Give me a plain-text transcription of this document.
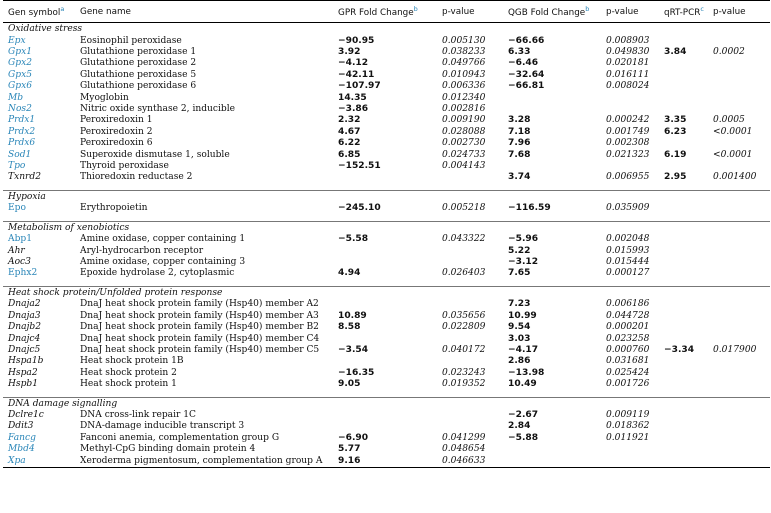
Gen symbol$^a$	Gene name	GPR Fold Change$^b$	p-value	QGB Fold Change$^b$	p-value	qRT-PCR$^c$	p-value
Oxidative stress							
Epx	Eosinophil peroxidase	−90.95	0.005130	−66.66	0.008903		
Gpx1	Glutathione peroxidase 1	3.92	0.038233	6.33	0.049830	3.84	0.0002
Gpx2	Glutathione peroxidase 2	−4.12	0.049766	−6.46	0.020181		
Gpx5	Glutathione peroxidase 5	−42.11	0.010943	−32.64	0.016111		
Gpx6	Glutathione peroxidase 6	−107.97	0.006336	−66.81	0.008024		
Mb	Myoglobin	14.35	0.012340				
Nos2	Nitric oxide synthase 2, inducible	−3.86	0.002816				
Prdx1	Peroxiredoxin 1	2.32	0.009190	3.28	0.000242	3.35	0.0005
Prdx2	Peroxiredoxin 2	4.67	0.028088	7.18	0.001749	6.23	<0.0001
Prdx6	Peroxiredoxin 6	6.22	0.002730	7.96	0.002308		
Sod1	Superoxide dismutase 1, soluble	6.85	0.024733	7.68	0.021323	6.19	<0.0001
Tpo	Thyroid peroxidase	−152.51	0.004143				
Txnrd2	Thioredoxin reductase 2			3.74	0.006955	2.95	0.001400

Hypoxia							
Epo	Erythropoietin	−245.10	0.005218	−116.59	0.035909		

Metabolism of xenobiotics							
Abp1	Amine oxidase, copper containing 1	−5.58	0.043322	−5.96	0.002048		
Ahr	Aryl-hydrocarbon receptor			5.22	0.015993		
Aoc3	Amine oxidase, copper containing 3			−3.12	0.015444		
Ephx2	Epoxide hydrolase 2, cytoplasmic	4.94	0.026403	7.65	0.000127		

Heat shock protein/Unfolded protein response							
Dnaja2	DnaJ heat shock protein family (Hsp40) member A2			7.23	0.006186		
Dnaja3	DnaJ heat shock protein family (Hsp40) member A3	10.89	0.035656	10.99	0.044728		
Dnajb2	DnaJ heat shock protein family (Hsp40) member B2	8.58	0.022809	9.54	0.000201		
Dnajc4	DnaJ heat shock protein family (Hsp40) member C4			3.03	0.023258		
Dnajc5	DnaJ heat shock protein family (Hsp40) member C5	−3.54	0.040172	−4.17	0.000760	−3.34	0.017900
Hspa1b	Heat shock protein 1B			2.86	0.031681		
Hspa2	Heat shock protein 2	−16.35	0.023243	−13.98	0.025424		
Hspb1	Heat shock protein 1	9.05	0.019352	10.49	0.001726		

DNA damage signalling							
Dclre1c	DNA cross-link repair 1C			−2.67	0.009119		
Ddit3	DNA-damage inducible transcript 3			2.84	0.018362		
Fancg	Fanconi anemia, complementation group G	−6.90	0.041299	−5.88	0.011921		
Mbd4	Methyl-CpG binding domain protein 4	5.77	0.048654				
Xpa	Xeroderma pigmentosum, complementation group A	9.16	0.046633				
